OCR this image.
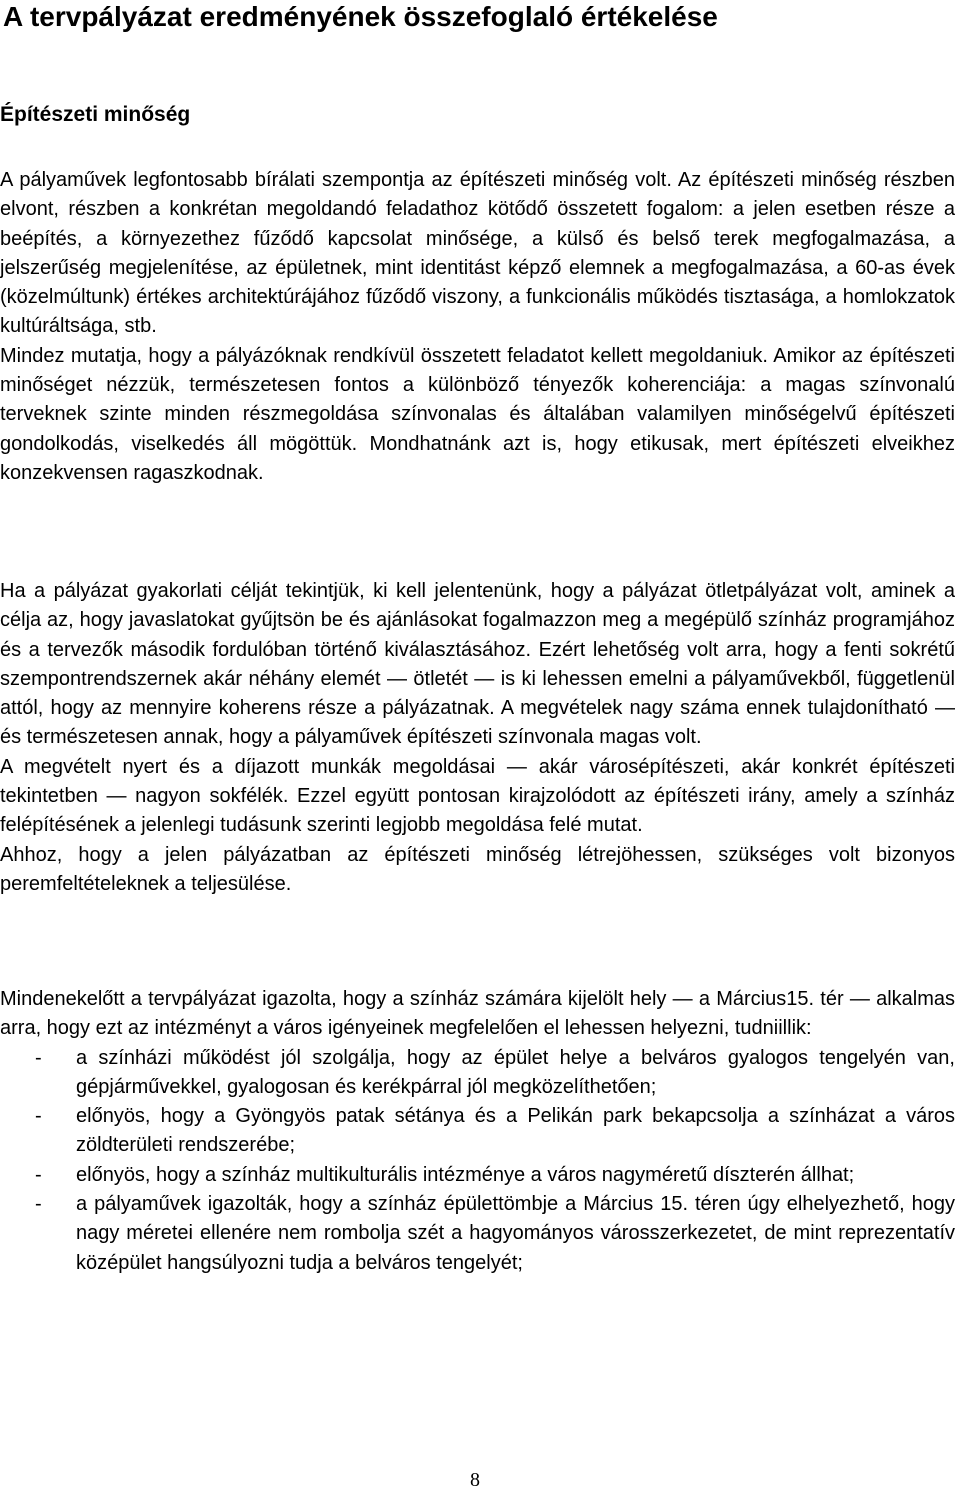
A tervpályázat eredményének összefoglaló értékelése
Építészeti minőség

A pályaművek legfontosabb bírálati szempontja az építészeti minőség volt. Az építészeti minőség részben elvont, részben a konkrétan megoldandó feladathoz kötődő összetett fogalom: a jelen esetben része a beépítés, a környezethez fűződő kapcsolat minősége, a külső és belső terek megfogalmazása, a jelszerűség megjelenítése, az épületnek, mint identitást képző elemnek a megfogalmazása, a 60-as évek (közelmúltunk) értékes architektúrájához fűződő viszony, a funkcionális működés tisztasága, a homlokzatok kultúráltsága, stb.

Mindez mutatja, hogy a pályázóknak rendkívül összetett feladatot kellett megoldaniuk. Amikor az építészeti minőséget nézzük, természetesen fontos a különböző tényezők koherenciája: a magas színvonalú terveknek szinte minden részmegoldása színvonalas és általában valamilyen minőségelvű építészeti gondolkodás, viselkedés áll mögöttük. Mondhatnánk azt is, hogy etikusak, mert építészeti elveikhez konzekvensen ragaszkodnak.

Ha a pályázat gyakorlati célját tekintjük, ki kell jelentenünk, hogy a pályázat ötletpályázat volt, aminek a célja az, hogy javaslatokat gyűjtsön be és ajánlásokat fogalmazzon meg a megépülő színház programjához és a tervezők második fordulóban történő kiválasztásához. Ezért lehetőség volt arra, hogy a fenti sokrétű szempontrendszernek akár néhány elemét — ötletét — is ki lehessen emelni a pályaművekből, függetlenül attól, hogy az mennyire koherens része a pályázatnak. A megvételek nagy száma ennek tulajdonítható — és természetesen annak, hogy a pályaművek építészeti színvonala magas volt.

A megvételt nyert és a díjazott munkák megoldásai — akár városépítészeti, akár konkrét építészeti tekintetben — nagyon sokfélék. Ezzel együtt pontosan kirajzolódott az építészeti irány, amely a színház felépítésének a jelenlegi tudásunk szerinti legjobb megoldása felé mutat.

Ahhoz, hogy a jelen pályázatban az építészeti minőség létrejöhessen, szükséges volt bizonyos peremfeltételeknek a teljesülése.

Mindenekelőtt a tervpályázat igazolta, hogy a színház számára kijelölt hely — a Március15. tér — alkalmas arra, hogy ezt az intézményt a város igényeinek megfelelően el lehessen helyezni, tudniillik:

- a színházi működést jól szolgálja, hogy az épület helye a belváros gyalogos tengelyén van, gépjárművekkel, gyalogosan és kerékpárral jól megközelíthetően;
- előnyös, hogy a Gyöngyös patak sétánya és a Pelikán park bekapcsolja a színházat a város zöldterületi rendszerébe;
- előnyös, hogy a színház multikulturális intézménye a város nagyméretű díszterén állhat;
- a pályaművek igazolták, hogy a színház épülettömbje a Március 15. téren úgy elhelyezhető, hogy nagy méretei ellenére nem rombolja szét a hagyományos városszerkezetet, de mint reprezentatív középület hangsúlyozni tudja a belváros tengelyét;
8
